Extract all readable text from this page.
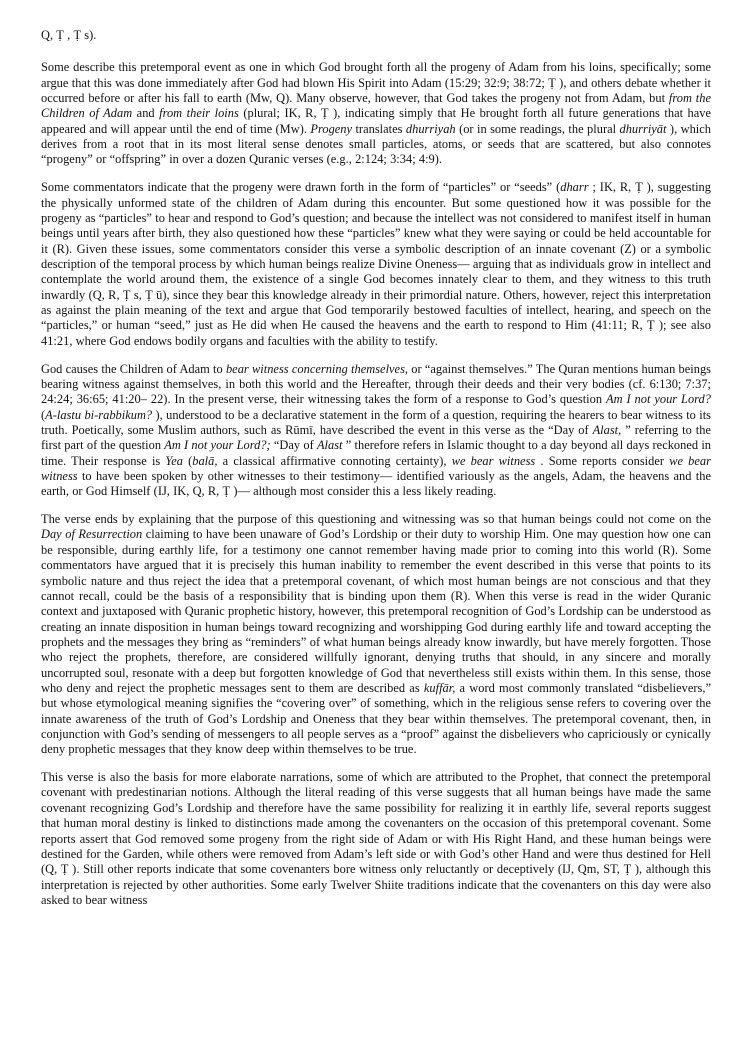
Q, Ṭ , Ṭ s).

Some describe this pretemporal event as one in which God brought forth all the progeny of Adam from his loins, specifically; some argue that this was done immediately after God had blown His Spirit into Adam (15:29; 32:9; 38:72; Ṭ ), and others debate whether it occurred before or after his fall to earth (Mw, Q). Many observe, however, that God takes the progeny not from Adam, but from the Children of Adam and from their loins (plural; IK, R, Ṭ ), indicating simply that He brought forth all future generations that have appeared and will appear until the end of time (Mw). Progeny translates dhurriyah (or in some readings, the plural dhurriyāt ), which derives from a root that in its most literal sense denotes small particles, atoms, or seeds that are scattered, but also connotes “progeny” or “offspring” in over a dozen Quranic verses (e.g., 2:124; 3:34; 4:9).

Some commentators indicate that the progeny were drawn forth in the form of “particles” or “seeds” (dharr ; IK, R, Ṭ ), suggesting the physically unformed state of the children of Adam during this encounter. But some questioned how it was possible for the progeny as “particles” to hear and respond to God’s question; and because the intellect was not considered to manifest itself in human beings until years after birth, they also questioned how these “particles” knew what they were saying or could be held accountable for it (R). Given these issues, some commentators consider this verse a symbolic description of an innate covenant (Z) or a symbolic description of the temporal process by which human beings realize Divine Oneness— arguing that as individuals grow in intellect and contemplate the world around them, the existence of a single God becomes innately clear to them, and they witness to this truth inwardly (Q, R, Ṭ s, Ṭ ū), since they bear this knowledge already in their primordial nature. Others, however, reject this interpretation as against the plain meaning of the text and argue that God temporarily bestowed faculties of intellect, hearing, and speech on the “particles,” or human “seed,” just as He did when He caused the heavens and the earth to respond to Him (41:11; R, Ṭ ); see also 41:21, where God endows bodily organs and faculties with the ability to testify.

God causes the Children of Adam to bear witness concerning themselves, or “against themselves.” The Quran mentions human beings bearing witness against themselves, in both this world and the Hereafter, through their deeds and their very bodies (cf. 6:130; 7:37; 24:24; 36:65; 41:20– 22). In the present verse, their witnessing takes the form of a response to God’s question Am I not your Lord? (A-lastu bi-rabbikum? ), understood to be a declarative statement in the form of a question, requiring the hearers to bear witness to its truth. Poetically, some Muslim authors, such as Rūmī, have described the event in this verse as the “Day of Alast, ” referring to the first part of the question Am I not your Lord?; “Day of Alast ” therefore refers in Islamic thought to a day beyond all days reckoned in time. Their response is Yea (balā, a classical affirmative connoting certainty), we bear witness . Some reports consider we bear witness to have been spoken by other witnesses to their testimony— identified variously as the angels, Adam, the heavens and the earth, or God Himself (IJ, IK, Q, R, Ṭ )— although most consider this a less likely reading.

The verse ends by explaining that the purpose of this questioning and witnessing was so that human beings could not come on the Day of Resurrection claiming to have been unaware of God’s Lordship or their duty to worship Him. One may question how one can be responsible, during earthly life, for a testimony one cannot remember having made prior to coming into this world (R). Some commentators have argued that it is precisely this human inability to remember the event described in this verse that points to its symbolic nature and thus reject the idea that a pretemporal covenant, of which most human beings are not conscious and that they cannot recall, could be the basis of a responsibility that is binding upon them (R). When this verse is read in the wider Quranic context and juxtaposed with Quranic prophetic history, however, this pretemporal recognition of God’s Lordship can be understood as creating an innate disposition in human beings toward recognizing and worshipping God during earthly life and toward accepting the prophets and the messages they bring as “reminders” of what human beings already know inwardly, but have merely forgotten. Those who reject the prophets, therefore, are considered willfully ignorant, denying truths that should, in any sincere and morally uncorrupted soul, resonate with a deep but forgotten knowledge of God that nevertheless still exists within them. In this sense, those who deny and reject the prophetic messages sent to them are described as kuffār, a word most commonly translated “disbelievers,” but whose etymological meaning signifies the “covering over” of something, which in the religious sense refers to covering over the innate awareness of the truth of God’s Lordship and Oneness that they bear within themselves. The pretemporal covenant, then, in conjunction with God’s sending of messengers to all people serves as a “proof” against the disbelievers who capriciously or cynically deny prophetic messages that they know deep within themselves to be true.

This verse is also the basis for more elaborate narrations, some of which are attributed to the Prophet, that connect the pretemporal covenant with predestinarian notions. Although the literal reading of this verse suggests that all human beings have made the same covenant recognizing God’s Lordship and therefore have the same possibility for realizing it in earthly life, several reports suggest that human moral destiny is linked to distinctions made among the covenanters on the occasion of this pretemporal covenant. Some reports assert that God removed some progeny from the right side of Adam or with His Right Hand, and these human beings were destined for the Garden, while others were removed from Adam’s left side or with God’s other Hand and were thus destined for Hell (Q, Ṭ ). Still other reports indicate that some covenanters bore witness only reluctantly or deceptively (IJ, Qm, ST, Ṭ ), although this interpretation is rejected by other authorities. Some early Twelver Shiite traditions indicate that the covenanters on this day were also asked to bear witness
